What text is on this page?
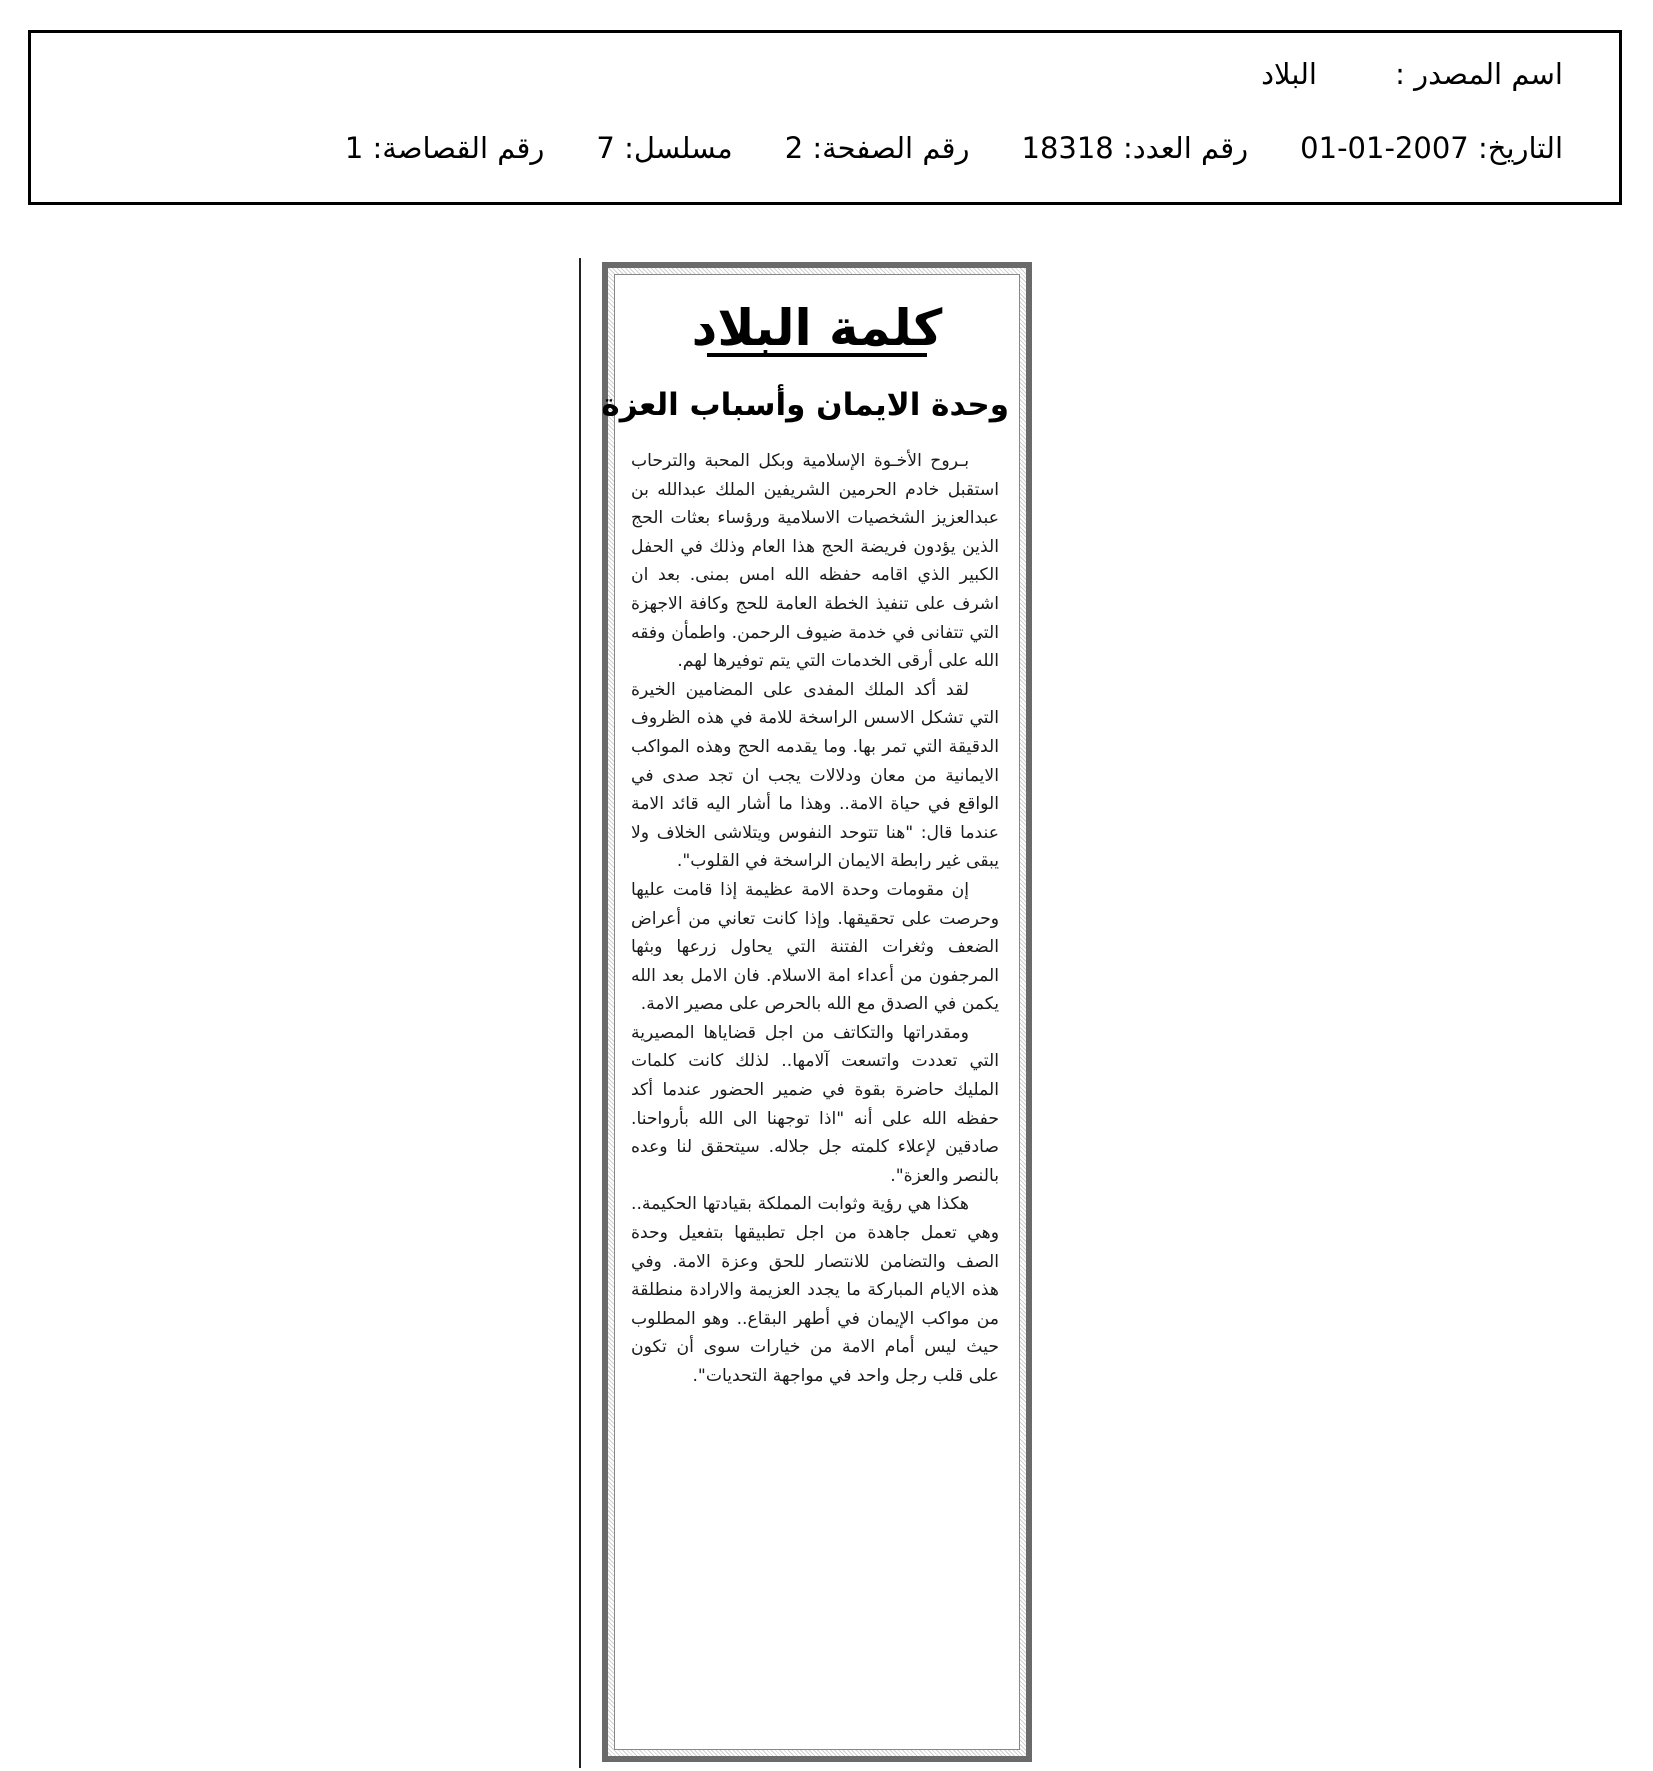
اسم المصدر :
البلاد
التاريخ: 2007-01-01
رقم العدد: 18318
رقم الصفحة: 2
مسلسل: 7
رقم القصاصة: 1
كلمة البلاد
وحدة الايمان وأسباب العزة

بـروح الأخـوة الإسلامية وبكل المحبة والترحاب استقبل خادم الحرمين الشريفين الملك عبدالله بن عبدالعزيز الشخصيات الاسلامية ورؤساء بعثات الحج الذين يؤدون فريضة الحج هذا العام وذلك في الحفل الكبير الذي اقامه حفظه الله امس بمنى. بعد ان اشرف على تنفيذ الخطة العامة للحج وكافة الاجهزة التي تتفانى في خدمة ضيوف الرحمن. واطمأن وفقه الله على أرقى الخدمات التي يتم توفيرها لهم.

لقد أكد الملك المفدى على المضامين الخيرة التي تشكل الاسس الراسخة للامة في هذه الظروف الدقيقة التي تمر بها. وما يقدمه الحج وهذه المواكب الايمانية من معان ودلالات يجب ان تجد صدى في الواقع في حياة الامة.. وهذا ما أشار اليه قائد الامة عندما قال: "هنا تتوحد النفوس ويتلاشى الخلاف ولا يبقى غير رابطة الايمان الراسخة في القلوب".

إن مقومات وحدة الامة عظيمة إذا قامت عليها وحرصت على تحقيقها. وإذا كانت تعاني من أعراض الضعف وثغرات الفتنة التي يحاول زرعها وبثها المرجفون من أعداء امة الاسلام. فان الامل بعد الله يكمن في الصدق مع الله بالحرص على مصير الامة.

ومقدراتها والتكاتف من اجل قضاياها المصيرية التي تعددت واتسعت آلامها.. لذلك كانت كلمات المليك حاضرة بقوة في ضمير الحضور عندما أكد حفظه الله على أنه "اذا توجهنا الى الله بأرواحنا. صادقين لإعلاء كلمته جل جلاله. سيتحقق لنا وعده بالنصر والعزة".

هكذا هي رؤية وثوابت المملكة بقيادتها الحكيمة.. وهي تعمل جاهدة من اجل تطبيقها بتفعيل وحدة الصف والتضامن للانتصار للحق وعزة الامة. وفي هذه الايام المباركة ما يجدد العزيمة والارادة منطلقة من مواكب الإيمان في أطهر البقاع.. وهو المطلوب حيث ليس أمام الامة من خيارات سوى أن تكون على قلب رجل واحد في مواجهة التحديات".
